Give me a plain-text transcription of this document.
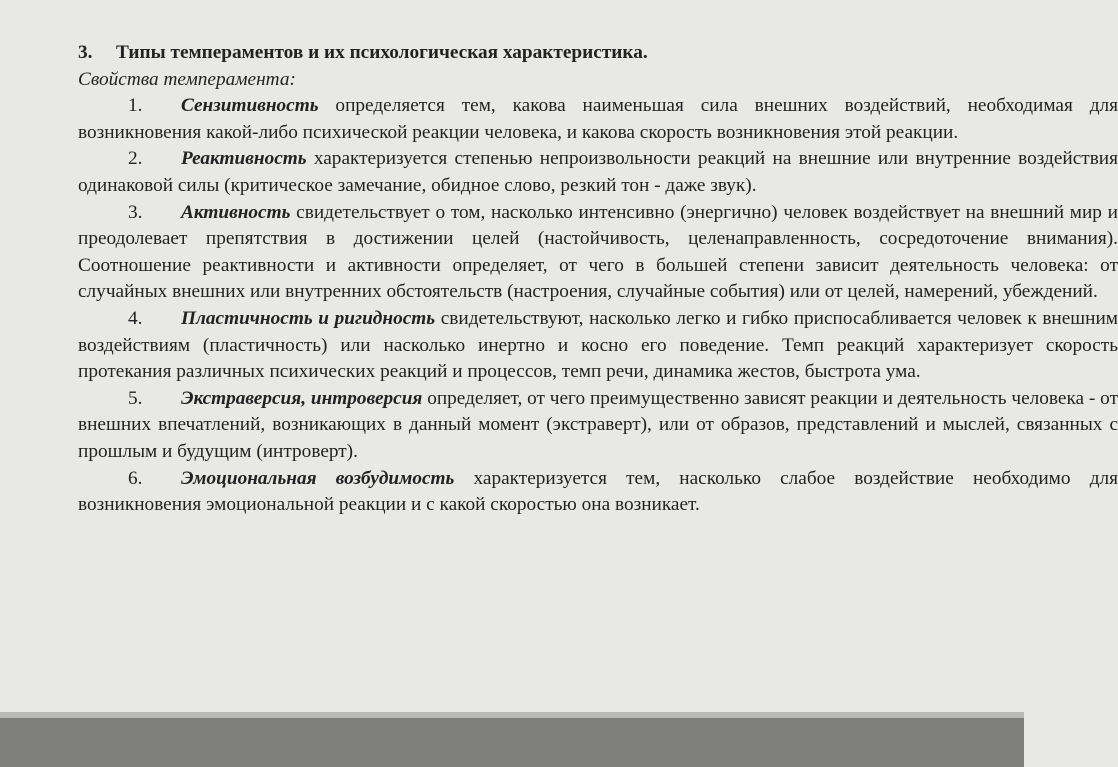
3. Типы темпераментов и их психологическая характеристика.

Свойства темперамента:

1. Сензитивность определяется тем, какова наименьшая сила внешних воздействий, необходимая для возникновения какой-либо психической реакции человека, и какова скорость возникновения этой реакции.

2. Реактивность характеризуется степенью непроизвольности реакций на внешние или внутренние воздействия одинаковой силы (критическое замечание, обидное слово, резкий тон - даже звук).

3. Активность свидетельствует о том, насколько интенсивно (энергично) человек воздействует на внешний мир и преодолевает препятствия в достижении целей (настойчивость, целенаправленность, сосредоточение внимания). Соотношение реактивности и активности определяет, от чего в большей степени зависит деятельность человека: от случайных внешних или внутренних обстоятельств (настроения, случайные события) или от целей, намерений, убеждений.

4. Пластичность и ригидность свидетельствуют, насколько легко и гибко приспосабливается человек к внешним воздействиям (пластичность) или насколько инертно и косно его поведение. Темп реакций характеризует скорость протекания различных психических реакций и процессов, темп речи, динамика жестов, быстрота ума.

5. Экстраверсия, интроверсия определяет, от чего преимущественно зависят реакции и деятельность человека - от внешних впечатлений, возникающих в данный момент (экстраверт), или от образов, представлений и мыслей, связанных с прошлым и будущим (интроверт).

6. Эмоциональная возбудимость характеризуется тем, насколько слабое воздействие необходимо для возникновения эмоциональной реакции и с какой скоростью она возникает.
